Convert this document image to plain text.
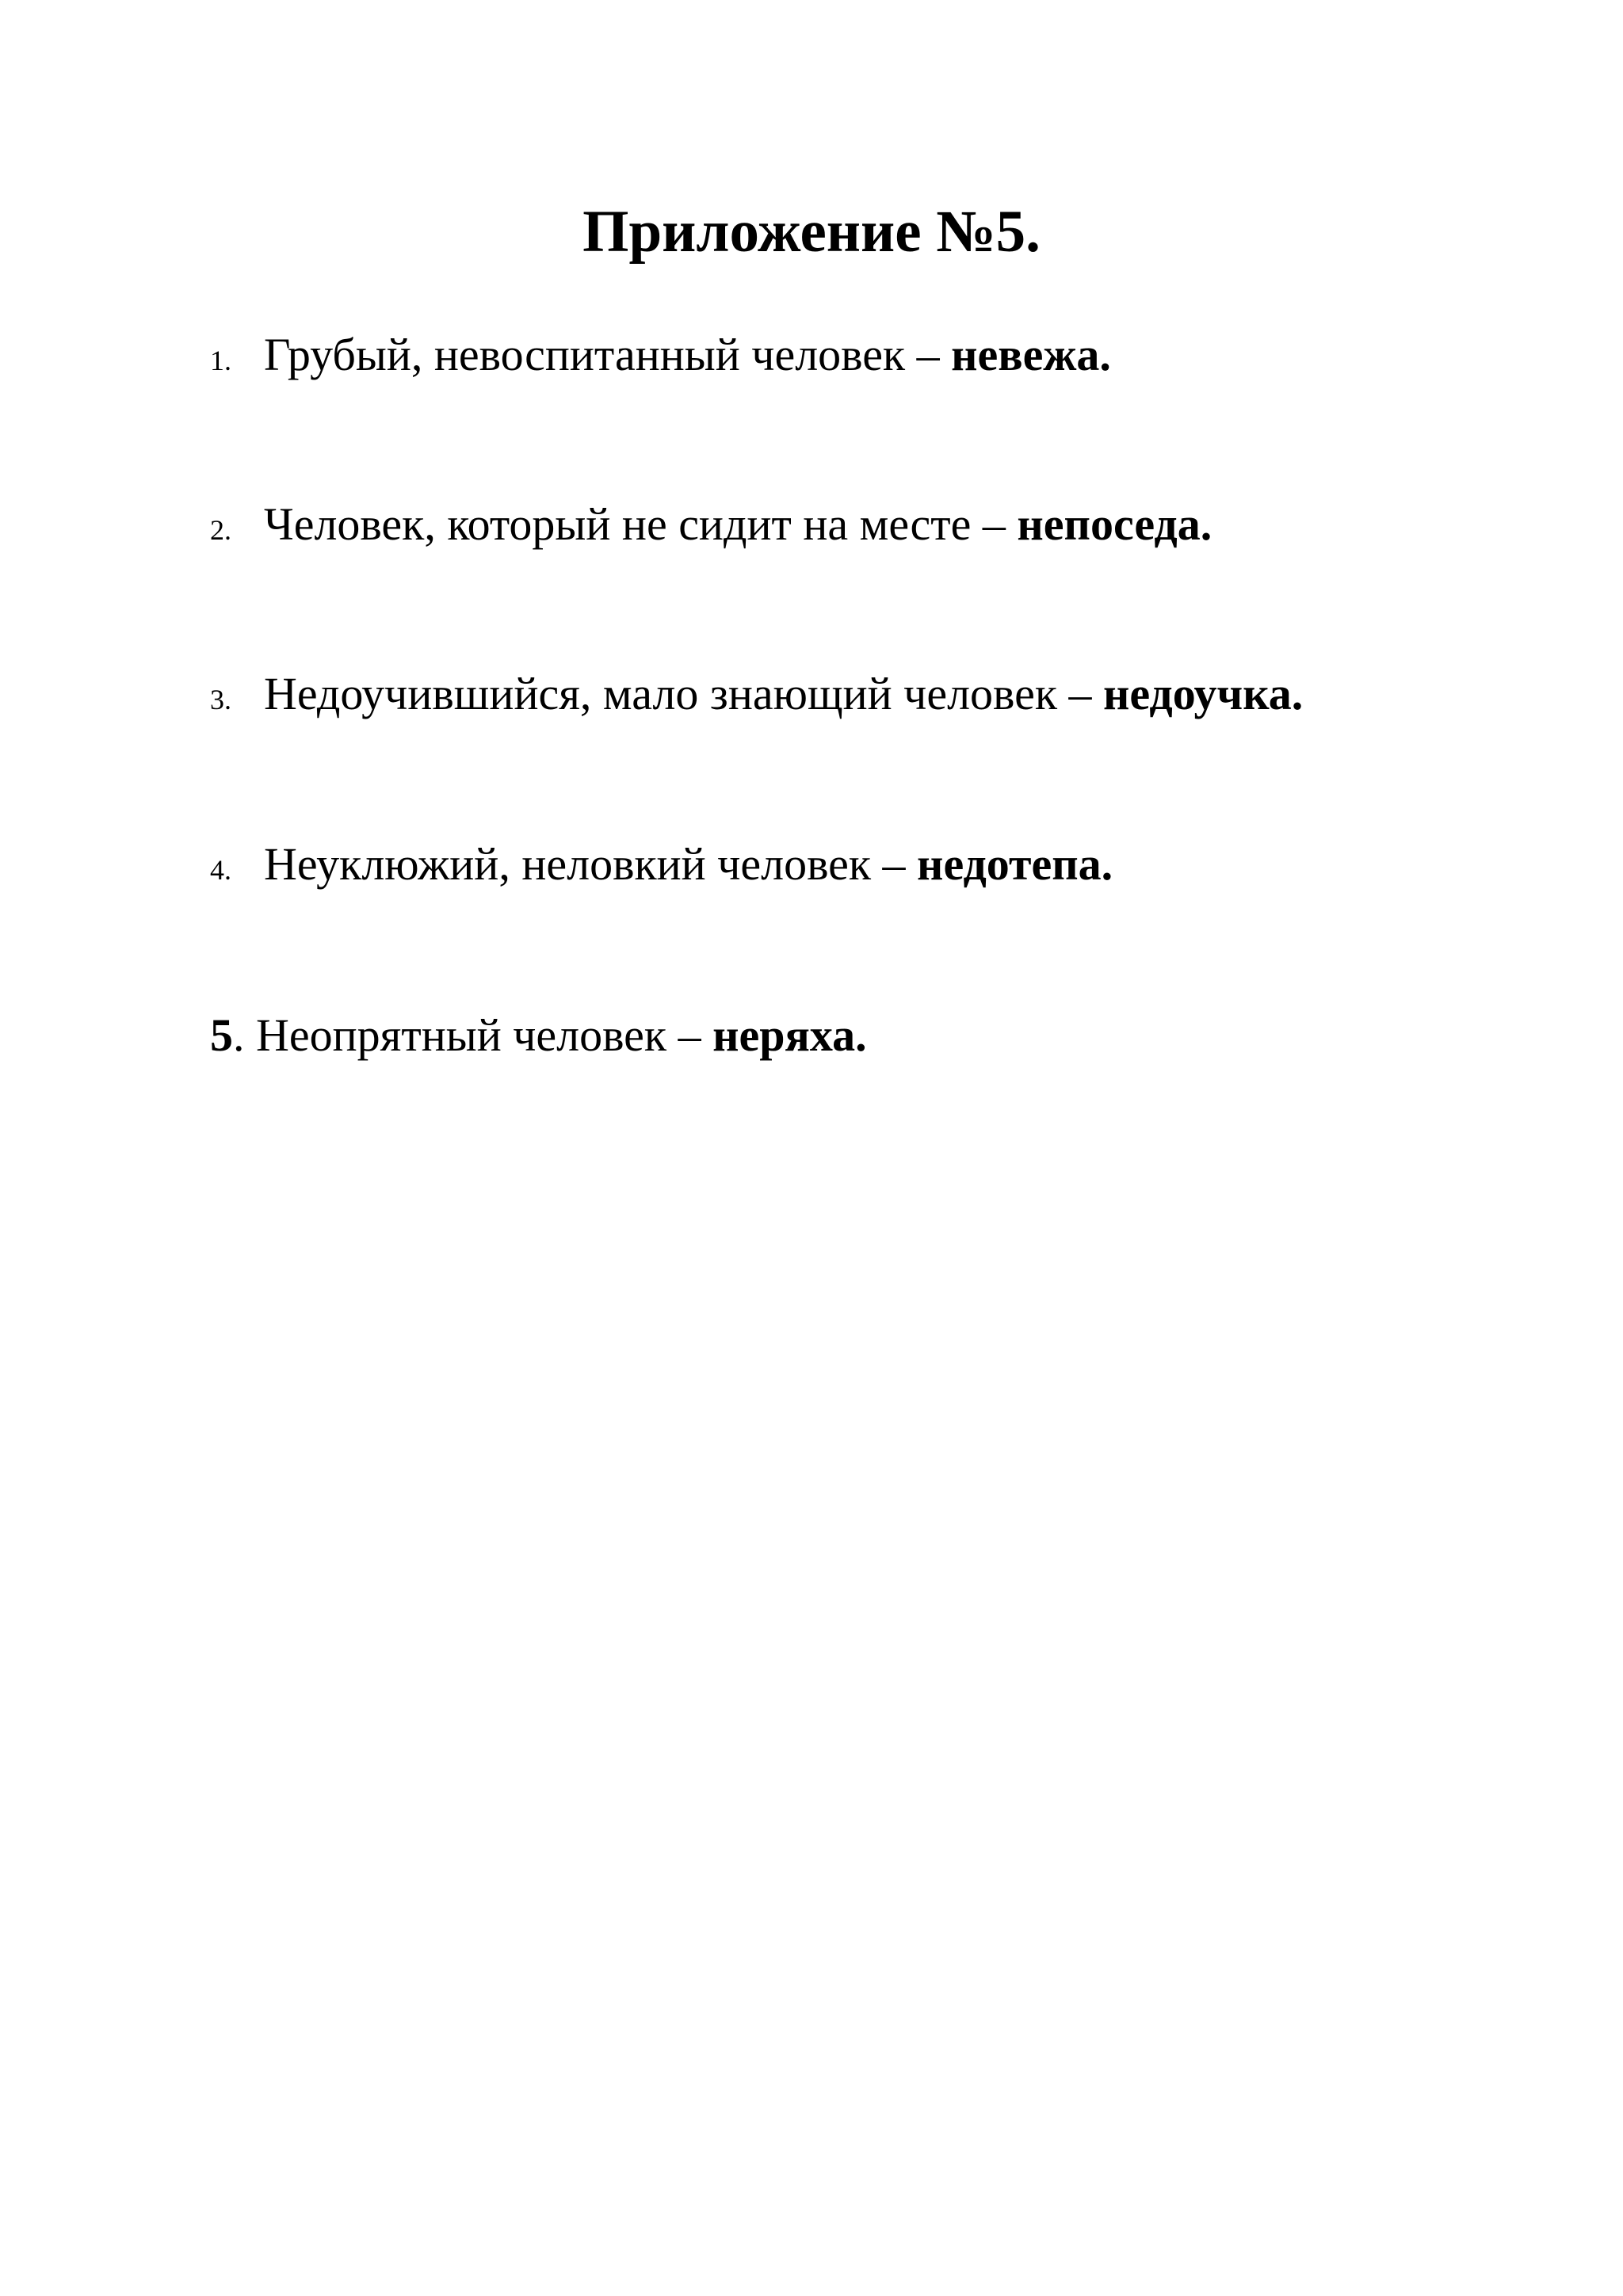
Приложение №5.
1. Грубый, невоспитанный человек – невежа.
2. Человек, который не сидит на месте – непоседа.
3. Недоучившийся, мало знающий человек – недоучка.
4. Неуклюжий, неловкий человек – недотепа.
5. Неопрятный человек – неряха.
